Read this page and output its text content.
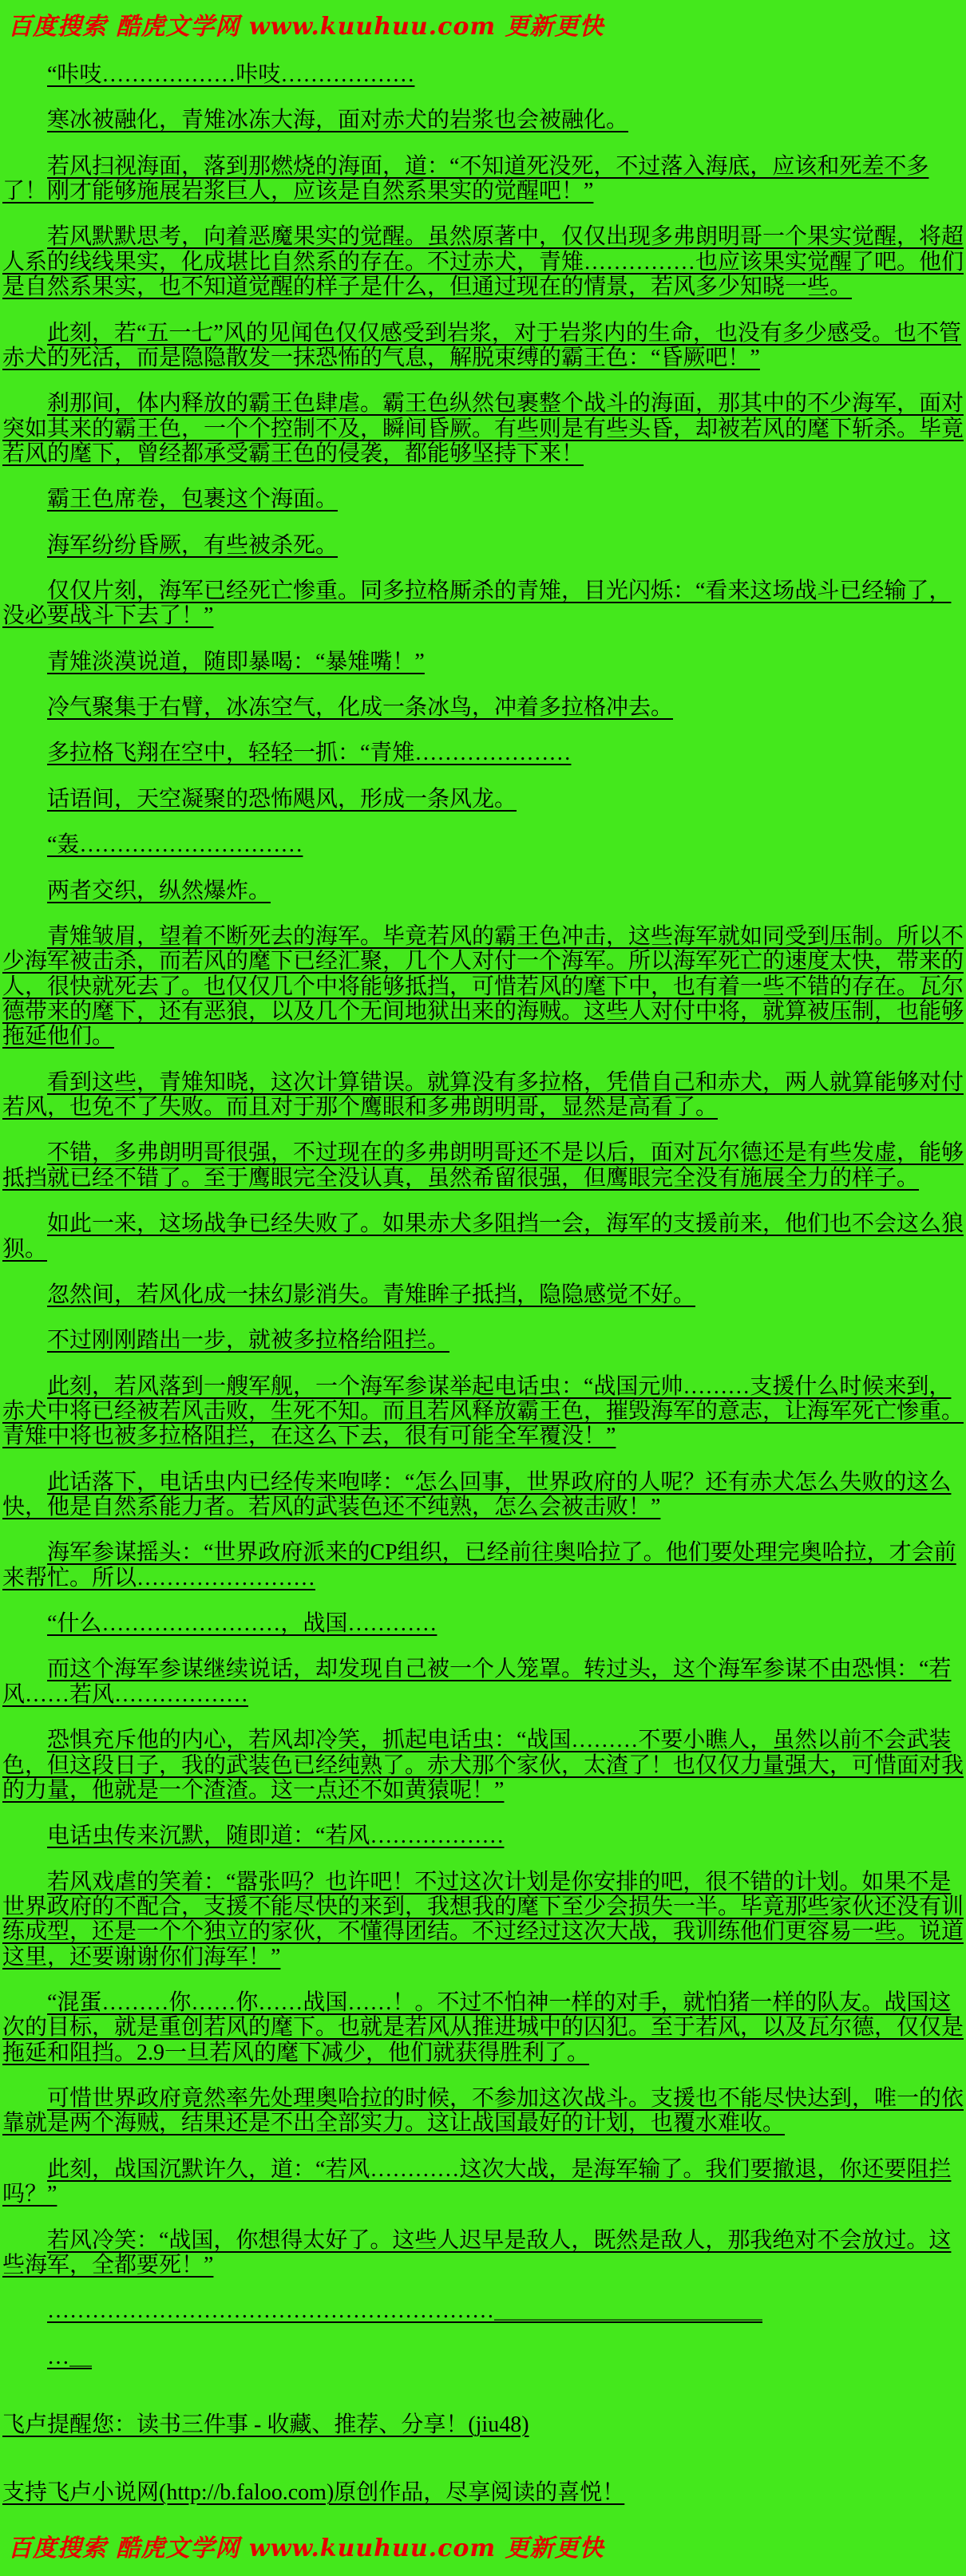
百度搜索 酷虎文学网 www.kuuhuu.com 更新更快

“咔吱………………咔吱………………

寒冰被融化，青雉冰冻大海，面对赤犬的岩浆也会被融化。

若风扫视海面，落到那燃烧的海面，道：“不知道死没死，不过落入海底，应该和死差不多了！刚才能够施展岩浆巨人，应该是自然系果实的觉醒吧！”

若风默默思考，向着恶魔果实的觉醒。虽然原著中，仅仅出现多弗朗明哥一个果实觉醒，将超人系的线线果实，化成堪比自然系的存在。不过赤犬，青雉……………也应该果实觉醒了吧。他们是自然系果实，也不知道觉醒的样子是什么，但通过现在的情景，若风多少知晓一些。

此刻，若“五一七”风的见闻色仅仅感受到岩浆，对于岩浆内的生命，也没有多少感受。也不管赤犬的死活，而是隐隐散发一抹恐怖的气息，解脱束缚的霸王色：“昏厥吧！”

刹那间，体内释放的霸王色肆虐。霸王色纵然包裹整个战斗的海面，那其中的不少海军，面对突如其来的霸王色，一个个控制不及，瞬间昏厥。有些则是有些头昏，却被若风的麾下斩杀。毕竟若风的麾下，曾经都承受霸王色的侵袭，都能够坚持下来！

霸王色席卷，包裹这个海面。

海军纷纷昏厥，有些被杀死。

仅仅片刻，海军已经死亡惨重。同多拉格厮杀的青雉，目光闪烁：“看来这场战斗已经输了，没必要战斗下去了！”

青雉淡漠说道，随即暴喝：“暴雉嘴！”

冷气聚集于右臂，冰冻空气，化成一条冰鸟，冲着多拉格冲去。

多拉格飞翔在空中，轻轻一抓：“青雉…………………

话语间，天空凝聚的恐怖飓风，形成一条风龙。

“轰…………………………

两者交织，纵然爆炸。

青雉皱眉，望着不断死去的海军。毕竟若风的霸王色冲击，这些海军就如同受到压制。所以不少海军被击杀，而若风的麾下已经汇聚，几个人对付一个海军。所以海军死亡的速度太快，带来的人，很快就死去了。也仅仅几个中将能够抵挡，可惜若风的麾下中，也有着一些不错的存在。瓦尔德带来的麾下，还有恶狼，以及几个无间地狱出来的海贼。这些人对付中将，就算被压制，也能够拖延他们。

看到这些，青雉知晓，这次计算错误。就算没有多拉格，凭借自己和赤犬，两人就算能够对付若风，也免不了失败。而且对于那个鹰眼和多弗朗明哥，显然是高看了。

不错，多弗朗明哥很强，不过现在的多弗朗明哥还不是以后，面对瓦尔德还是有些发虚，能够抵挡就已经不错了。至于鹰眼完全没认真，虽然希留很强，但鹰眼完全没有施展全力的样子。

如此一来，这场战争已经失败了。如果赤犬多阻挡一会，海军的支援前来，他们也不会这么狼狈。

忽然间，若风化成一抹幻影消失。青雉眸子抵挡，隐隐感觉不好。

不过刚刚踏出一步，就被多拉格给阻拦。

此刻，若风落到一艘军舰，一个海军参谋举起电话虫：“战国元帅………支援什么时候来到，赤犬中将已经被若风击败，生死不知。而且若风释放霸王色，摧毁海军的意志，让海军死亡惨重。青雉中将也被多拉格阻拦，在这么下去，很有可能全军覆没！”

此话落下，电话虫内已经传来咆哮：“怎么回事，世界政府的人呢？还有赤犬怎么失败的这么快，他是自然系能力者。若风的武装色还不纯熟，怎么会被击败！”

海军参谋摇头：“世界政府派来的CP组织，已经前往奥哈拉了。他们要处理完奥哈拉，才会前来帮忙。所以……………………

“什么……………………，战国…………

而这个海军参谋继续说话，却发现自己被一个人笼罩。转过头，这个海军参谋不由恐惧：“若风……若风………………

恐惧充斥他的内心，若风却冷笑，抓起电话虫：“战国………不要小瞧人，虽然以前不会武装色，但这段日子，我的武装色已经纯熟了。赤犬那个家伙，太渣了！也仅仅力量强大，可惜面对我的力量，他就是一个渣渣。这一点还不如黄猿呢！”

电话虫传来沉默，随即道：“若风………………

若风戏虐的笑着：“嚣张吗？也许吧！不过这次计划是你安排的吧，很不错的计划。如果不是世界政府的不配合，支援不能尽快的来到，我想我的麾下至少会损失一半。毕竟那些家伙还没有训练成型，还是一个个独立的家伙，不懂得团结。不过经过这次大战，我训练他们更容易一些。说道这里，还要谢谢你们海军！”

“混蛋………你……你……战国……！。不过不怕神一样的对手，就怕猪一样的队友。战国这次的目标，就是重创若风的麾下。也就是若风从推进城中的囚犯。至于若风，以及瓦尔德，仅仅是拖延和阻挡。2.9一旦若风的麾下减少，他们就获得胜利了。

可惜世界政府竟然率先处理奥哈拉的时候，不参加这次战斗。支援也不能尽快达到，唯一的依靠就是两个海贼，结果还是不出全部实力。这让战国最好的计划，也覆水难收。

此刻，战国沉默许久，道：“若风…………这次大战，是海军输了。我们要撤退，你还要阻拦吗？”

若风冷笑：“战国，你想得太好了。这些人迟早是敌人，既然是敌人，那我绝对不会放过。这些海军，全都要死！”

……………………………………………………＿＿＿＿＿＿＿＿＿＿＿＿

…＿

飞卢提醒您：读书三件事 - 收藏、推荐、分享！(jiu48)

支持飞卢小说网(http://b.faloo.com)原创作品，尽享阅读的喜悦！

百度搜索 酷虎文学网 www.kuuhuu.com 更新更快
